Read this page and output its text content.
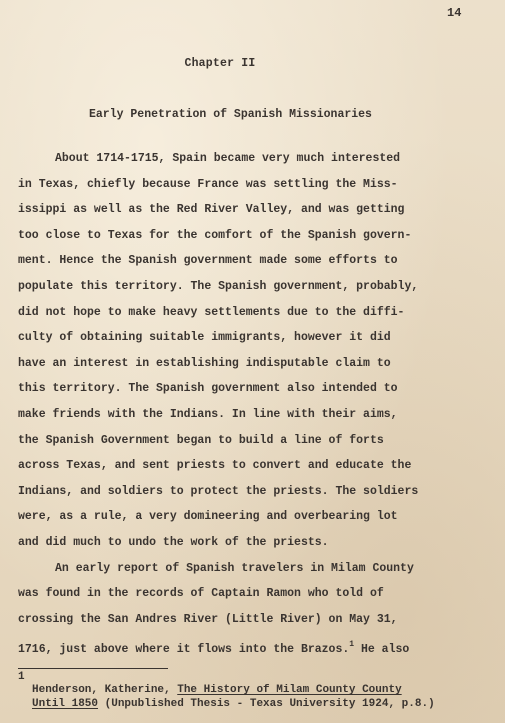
14
Chapter II
Early Penetration of Spanish Missionaries
About 1714-1715, Spain became very much interested
in Texas, chiefly because France was settling the Miss-
issippi as well as the Red River Valley, and was getting
too close to Texas for the comfort of the Spanish govern-
ment. Hence the Spanish government made some efforts to
populate this territory. The Spanish government, probably,
did not hope to make heavy settlements due to the diffi-
culty of obtaining suitable immigrants, however it did
have an interest in establishing indisputable claim to
this territory. The Spanish government also intended to
make friends with the Indians. In line with their aims,
the Spanish Government began to build a line of forts
across Texas, and sent priests to convert and educate the
Indians, and soldiers to protect the priests. The soldiers
were, as a rule, a very domineering and overbearing lot
and did much to undo the work of the priests.
An early report of Spanish travelers in Milam County
was found in the records of Captain Ramon who told of
crossing the San Andres River (Little River) on May 31,
1716, just above where it flows into the Brazos.$^1$ He also
1
Henderson, Katherine, The History of Milam County County
Until 1850 (Unpublished Thesis - Texas University 1924, p.8.)
